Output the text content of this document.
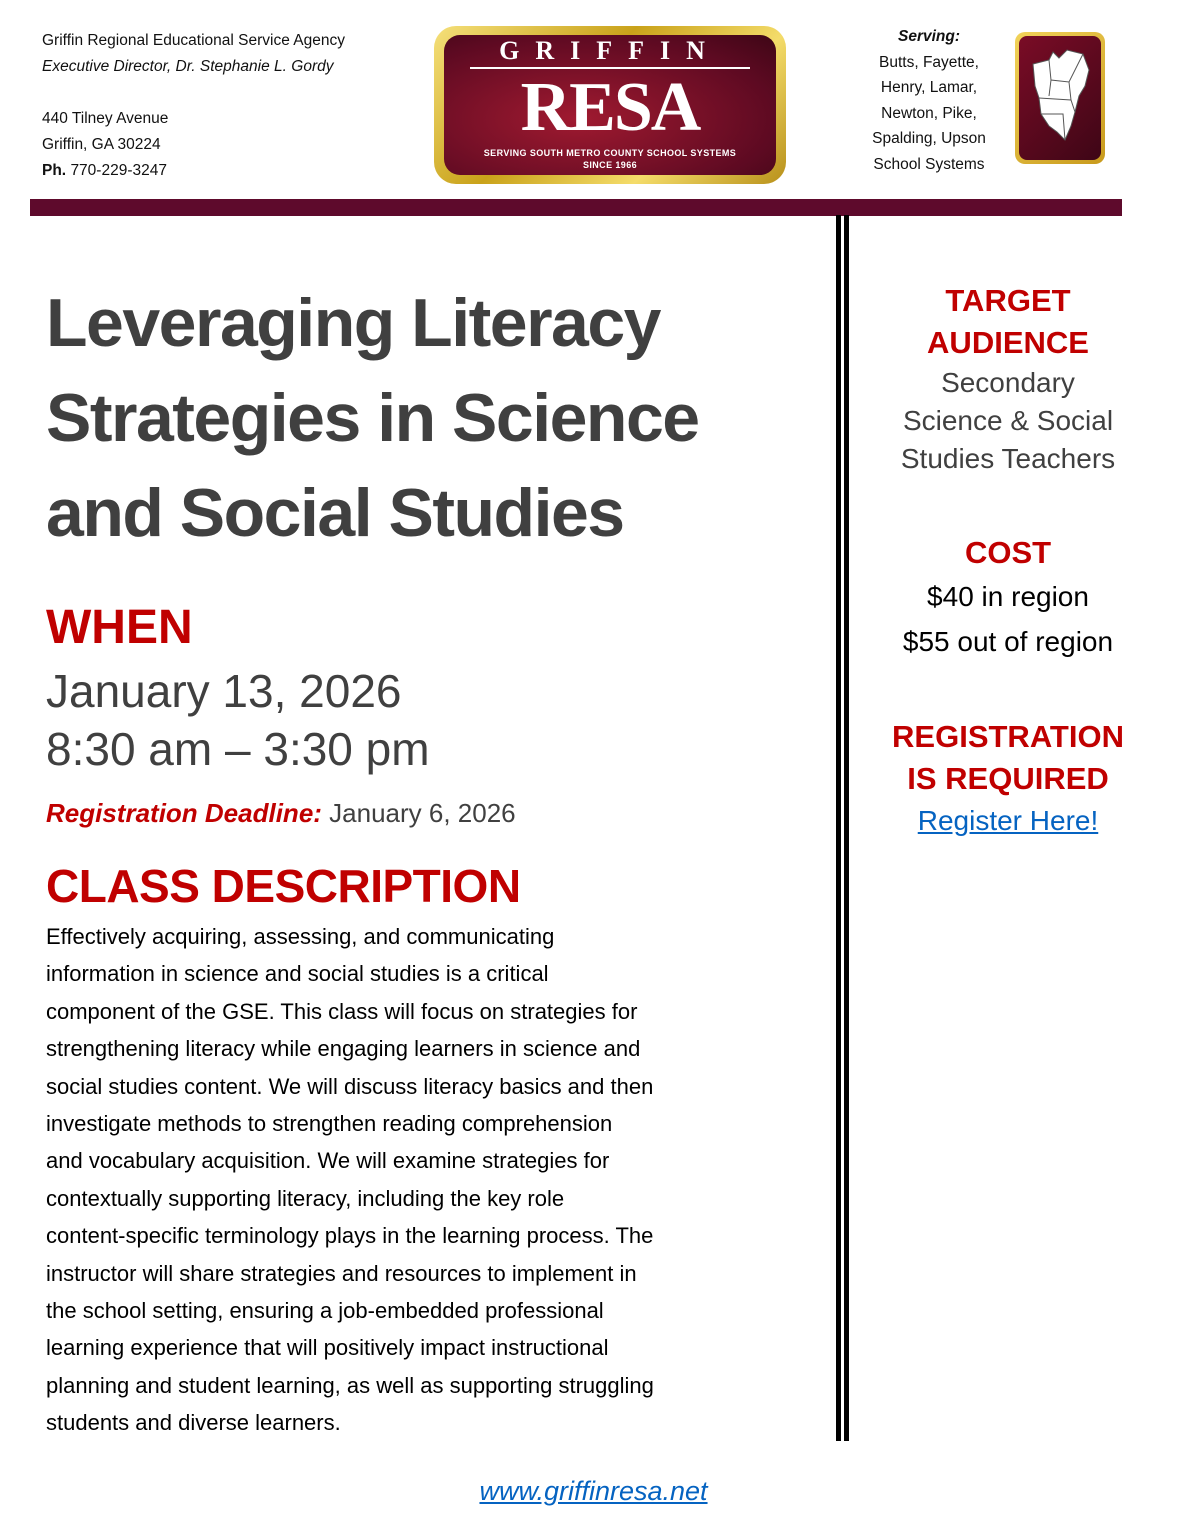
Griffin Regional Educational Service Agency
Executive Director, Dr. Stephanie L. Gordy
440 Tilney Avenue
Griffin, GA 30224
Ph. 770-229-3247
GRIFFIN
RESA
SERVING SOUTH METRO COUNTY SCHOOL SYSTEMS
SINCE 1966
Serving:
Butts, Fayette,
Henry, Lamar,
Newton, Pike,
Spalding, Upson
School Systems
Leveraging Literacy
Strategies in Science
and Social Studies
WHEN
January 13, 2026
8:30 am – 3:30 pm
Registration Deadline: January 6, 2026
CLASS DESCRIPTION
Effectively acquiring, assessing, and communicating
information in science and social studies is a critical
component of the GSE. This class will focus on strategies for
strengthening literacy while engaging learners in science and
social studies content. We will discuss literacy basics and then
investigate methods to strengthen reading comprehension
and vocabulary acquisition. We will examine strategies for
contextually supporting literacy, including the key role
content-specific terminology plays in the learning process. The
instructor will share strategies and resources to implement in
the school setting, ensuring a job-embedded professional
learning experience that will positively impact instructional
planning and student learning, as well as supporting struggling
students and diverse learners.
TARGET
AUDIENCE
Secondary
Science & Social
Studies Teachers
COST
$40 in region
$55 out of region
REGISTRATION
IS REQUIRED
Register Here!
www.griffinresa.net
